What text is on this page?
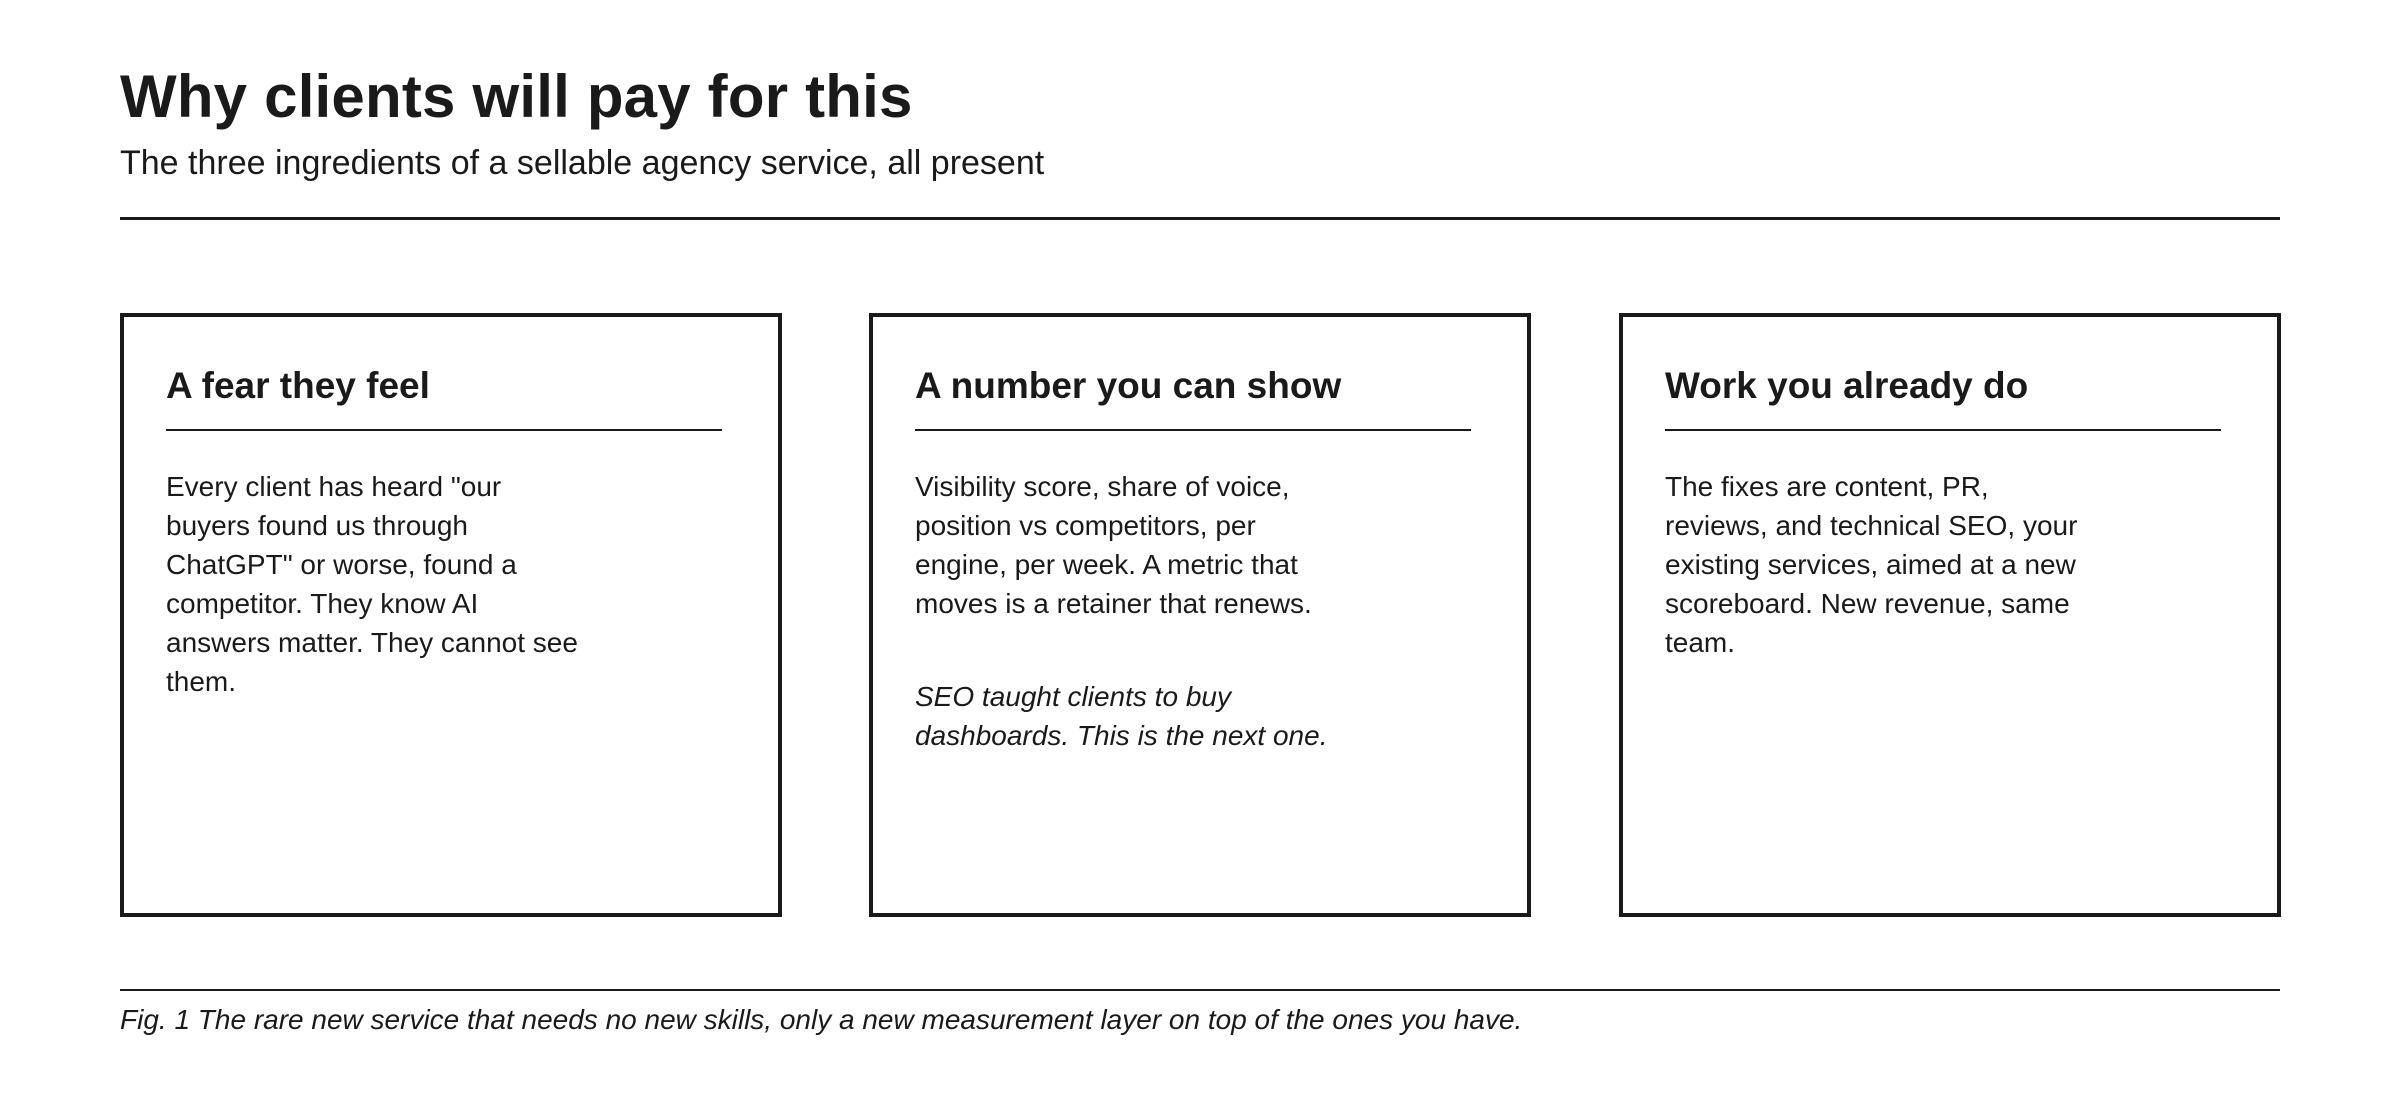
Why clients will pay for this

The three ingredients of a sellable agency service, all present

A fear they feel

Every client has heard "our buyers found us through ChatGPT" or worse, found a competitor. They know AI answers matter. They cannot see them.

A number you can show

Visibility score, share of voice, position vs competitors, per engine, per week. A metric that moves is a retainer that renews.

SEO taught clients to buy dashboards. This is the next one.

Work you already do

The fixes are content, PR, reviews, and technical SEO, your existing services, aimed at a new scoreboard. New revenue, same team.

Fig. 1 The rare new service that needs no new skills, only a new measurement layer on top of the ones you have.
